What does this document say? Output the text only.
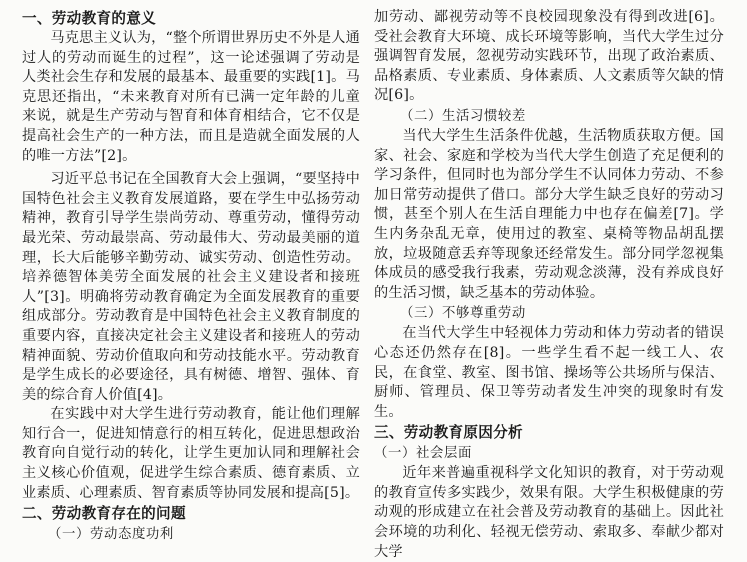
一、劳动教育的意义

马克思主义认为，“整个所谓世界历史不外是人通过人的劳动而诞生的过程”，这一论述强调了劳动是人类社会生存和发展的最基本、最重要的实践[1]。马克思还指出，“未来教育对所有已满一定年龄的儿童来说，就是生产劳动与智育和体育相结合，它不仅是提高社会生产的一种方法，而且是造就全面发展的人的唯一方法”[2]。

习近平总书记在全国教育大会上强调，“要坚持中国特色社会主义教育发展道路，要在学生中弘扬劳动精神，教育引导学生崇尚劳动、尊重劳动，懂得劳动最光荣、劳动最崇高、劳动最伟大、劳动最美丽的道理，长大后能够辛勤劳动、诚实劳动、创造性劳动。培养德智体美劳全面发展的社会主义建设者和接班人”[3]。明确将劳动教育确定为全面发展教育的重要组成部分。劳动教育是中国特色社会主义教育制度的重要内容，直接决定社会主义建设者和接班人的劳动精神面貌、劳动价值取向和劳动技能水平。劳动教育是学生成长的必要途径，具有树德、增智、强体、育美的综合育人价值[4]。

在实践中对大学生进行劳动教育，能让他们理解知行合一，促进知情意行的相互转化，促进思想政治教育向自觉行动的转化，让学生更加认同和理解社会主义核心价值观，促进学生综合素质、德育素质、立业素质、心理素质、智育素质等协同发展和提高[5]。

二、劳动教育存在的问题
（一）劳动态度功利

加劳动、鄙视劳动等不良校园现象没有得到改进[6]。受社会教育大环境、成长环境等影响，当代大学生过分强调智育发展，忽视劳动实践环节，出现了政治素质、品格素质、专业素质、身体素质、人文素质等欠缺的情况[6]。

（二）生活习惯较差

当代大学生生活条件优越，生活物质获取方便。国家、社会、家庭和学校为当代大学生创造了充足便利的学习条件，但同时也为部分学生不认同体力劳动、不参加日常劳动提供了借口。部分大学生缺乏良好的劳动习惯，甚至个别人在生活自理能力中也存在偏差[7]。学生内务杂乱无章，使用过的教室、桌椅等物品胡乱摆放，垃圾随意丢弃等现象还经常发生。部分同学忽视集体成员的感受我行我素，劳动观念淡薄，没有养成良好的生活习惯，缺乏基本的劳动体验。

（三）不够尊重劳动

在当代大学生中轻视体力劳动和体力劳动者的错误心态还仍然存在[8]。一些学生看不起一线工人、农民，在食堂、教室、图书馆、操场等公共场所与保洁、厨师、管理员、保卫等劳动者发生冲突的现象时有发生。

三、劳动教育原因分析
（一）社会层面

近年来普遍重视科学文化知识的教育，对于劳动观的教育宣传多实践少，效果有限。大学生积极健康的劳动观的形成建立在社会普及劳动教育的基础上。因此社会环境的功利化、轻视无偿劳动、索取多、奉献少都对大学
